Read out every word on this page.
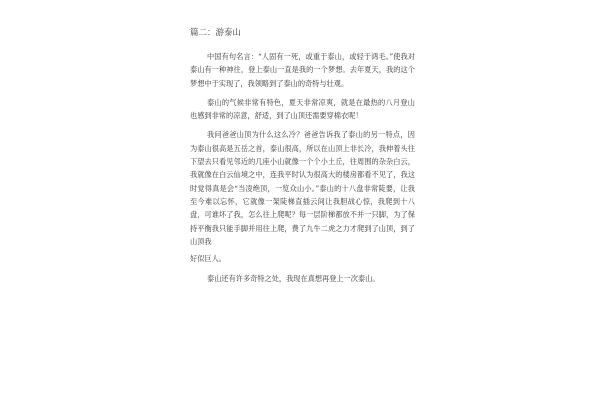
篇二：游泰山

中国有句名言：“人固有一死，或重于泰山，或轻于鸿毛。”使我对泰山有一种神往，登上泰山一直是我的一个梦想。去年夏天，我的这个梦想中于实现了，我领略到了泰山的奇特与壮观。

泰山的气候非常有特色，夏天非常凉爽，就是在最热的八月登山也感到非常的凉意，舒适，到了山顶还需要穿棉衣呢！

我问爸爸山顶为什么这么冷？爸爸告诉我了泰山的另一特点，因为泰山很高是五岳之首，泰山很高，所以在山顶上非长冷，我伸着头往下望去只看见邻近的几座小山就像一个个小土丘，往周围的杂杂白云，我就像在白云仙境之中，连我平时认为很高大的楼房都看不见了，我这时觉得真是会“当凌绝顶，一览众山小。”泰山的十八盘非常陡要，让我至今难以忘怀，它就像一架陡梯直插云间让我胆战心惊，我爬到十八盘，可谁坏了我，怎么往上爬呢？每一层阶梯都放不并一只脚，为了保持平衡我只能手脚并用往上爬，费了九牛二虎之力才爬到了山顶，到了山顶我

好似巨人。

泰山还有许多奇特之处，我现在真想再登上一次泰山。
